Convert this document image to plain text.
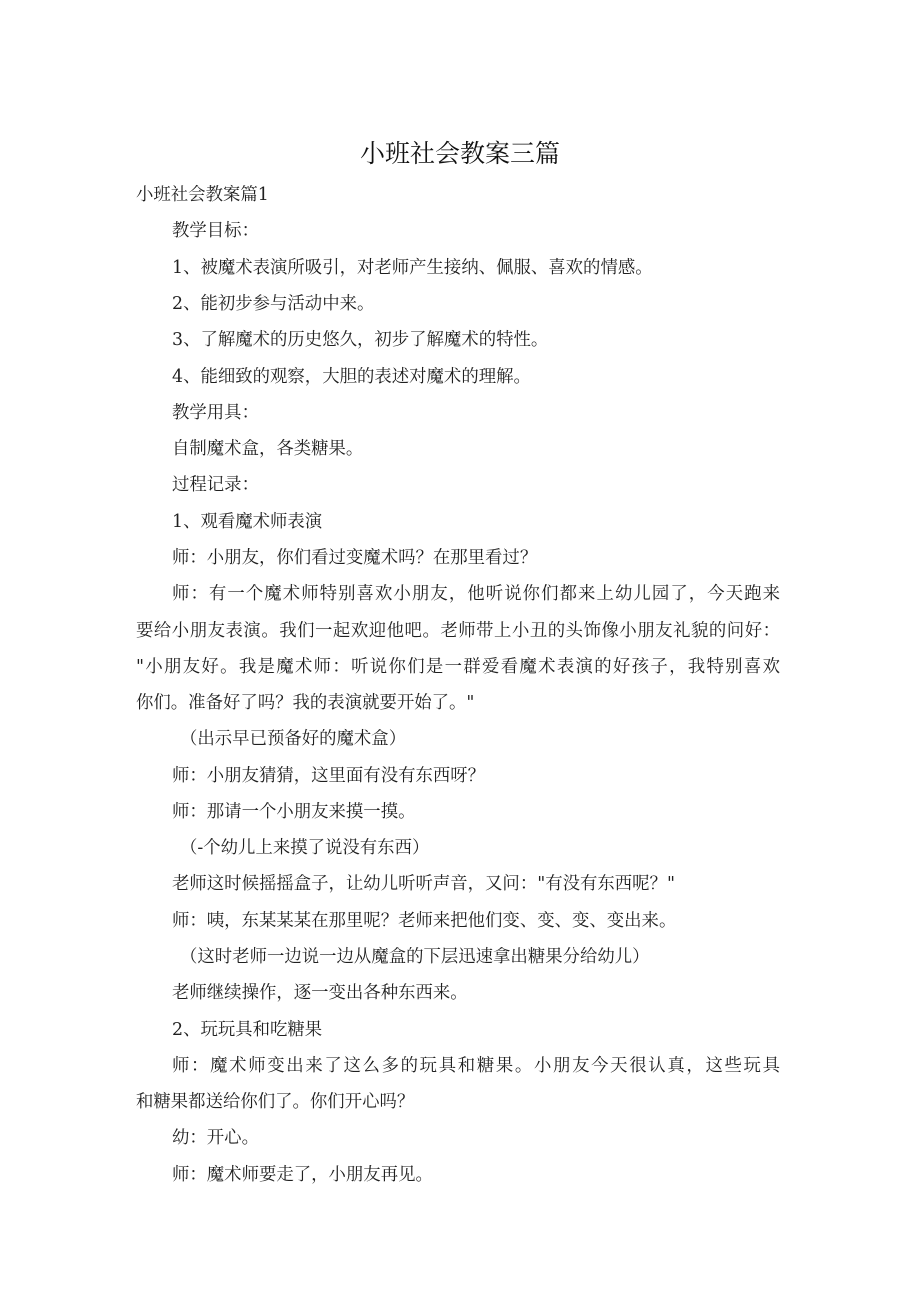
小班社会教案三篇
小班社会教案篇1
教学目标：
1、被魔术表演所吸引，对老师产生接纳、佩服、喜欢的情感。
2、能初步参与活动中来。
3、了解魔术的历史悠久，初步了解魔术的特性。
4、能细致的观察，大胆的表述对魔术的理解。
教学用具：
自制魔术盒，各类糖果。
过程记录：
1、观看魔术师表演
师：小朋友，你们看过变魔术吗？在那里看过？
师：有一个魔术师特别喜欢小朋友，他听说你们都来上幼儿园了，今天跑来
要给小朋友表演。我们一起欢迎他吧。老师带上小丑的头饰像小朋友礼貌的问好：
"小朋友好。我是魔术师：听说你们是一群爱看魔术表演的好孩子，我特别喜欢
你们。准备好了吗？我的表演就要开始了。"
（出示早已预备好的魔术盒）
师：小朋友猜猜，这里面有没有东西呀？
师：那请一个小朋友来摸一摸。
（-个幼儿上来摸了说没有东西）
老师这时候摇摇盒子，让幼儿听听声音，又问："有没有东西呢？"
师：咦，东某某某在那里呢？老师来把他们变、变、变、变出来。
（这时老师一边说一边从魔盒的下层迅速拿出糖果分给幼儿）
老师继续操作，逐一变出各种东西来。
2、玩玩具和吃糖果
师：魔术师变出来了这么多的玩具和糖果。小朋友今天很认真，这些玩具
和糖果都送给你们了。你们开心吗？
幼：开心。
师：魔术师要走了，小朋友再见。
